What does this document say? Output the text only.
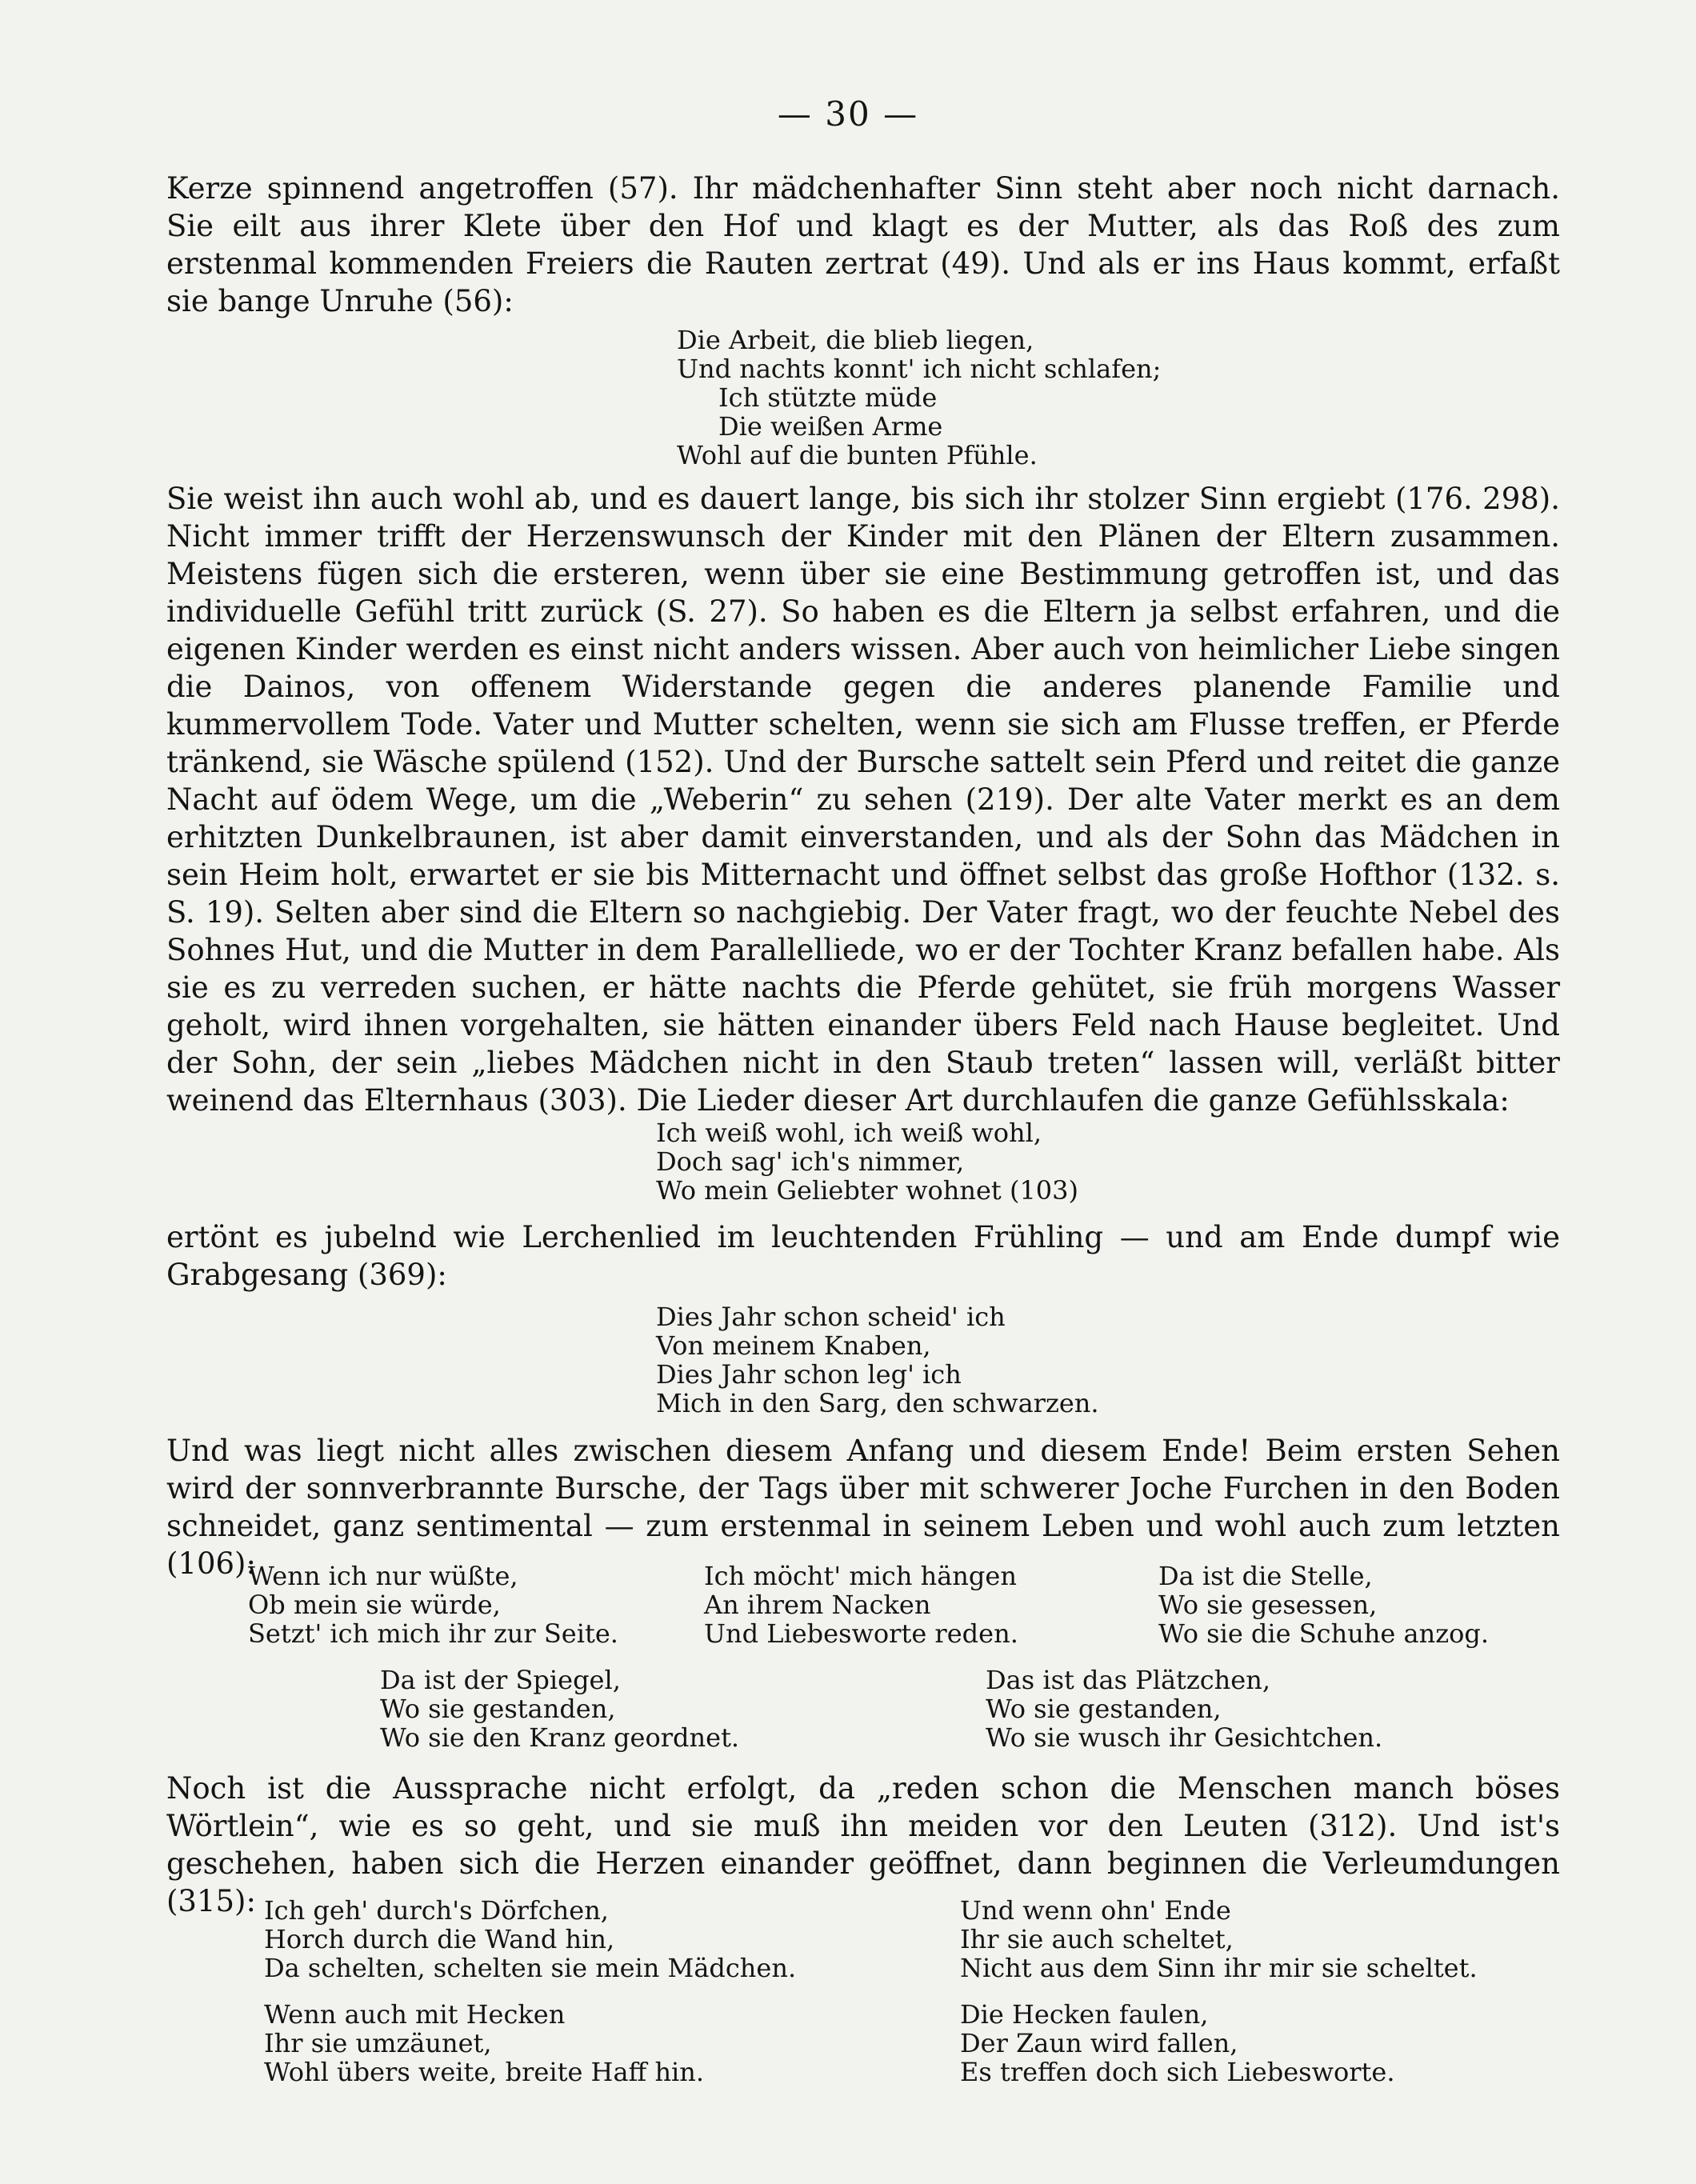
— 30 —

Kerze spinnend angetroffen (57). Ihr mädchenhafter Sinn steht aber noch nicht darnach. Sie eilt aus ihrer Klete über den Hof und klagt es der Mutter, als das Roß des zum erstenmal kommenden Freiers die Rauten zertrat (49). Und als er ins Haus kommt, erfaßt sie bange Unruhe (56):

Die Arbeit, die blieb liegen,
Und nachts konnt' ich nicht schlafen;
Ich stützte müde
Die weißen Arme
Wohl auf die bunten Pfühle.

Sie weist ihn auch wohl ab, und es dauert lange, bis sich ihr stolzer Sinn ergiebt (176. 298). Nicht immer trifft der Herzenswunsch der Kinder mit den Plänen der Eltern zusammen. Meistens fügen sich die ersteren, wenn über sie eine Bestimmung getroffen ist, und das individuelle Gefühl tritt zurück (S. 27). So haben es die Eltern ja selbst erfahren, und die eigenen Kinder werden es einst nicht anders wissen. Aber auch von heimlicher Liebe singen die Dainos, von offenem Widerstande gegen die anderes planende Familie und kummervollem Tode. Vater und Mutter schelten, wenn sie sich am Flusse treffen, er Pferde tränkend, sie Wäsche spülend (152). Und der Bursche sattelt sein Pferd und reitet die ganze Nacht auf ödem Wege, um die „Weberin“ zu sehen (219). Der alte Vater merkt es an dem erhitzten Dunkelbraunen, ist aber damit einverstanden, und als der Sohn das Mädchen in sein Heim holt, erwartet er sie bis Mitternacht und öffnet selbst das große Hofthor (132. s. S. 19). Selten aber sind die Eltern so nachgiebig. Der Vater fragt, wo der feuchte Nebel des Sohnes Hut, und die Mutter in dem Parallelliede, wo er der Tochter Kranz befallen habe. Als sie es zu verreden suchen, er hätte nachts die Pferde gehütet, sie früh morgens Wasser geholt, wird ihnen vorgehalten, sie hätten einander übers Feld nach Hause begleitet. Und der Sohn, der sein „liebes Mädchen nicht in den Staub treten“ lassen will, verläßt bitter weinend das Elternhaus (303). Die Lieder dieser Art durchlaufen die ganze Gefühlsskala:

Ich weiß wohl, ich weiß wohl,
Doch sag' ich's nimmer,
Wo mein Geliebter wohnet (103)

ertönt es jubelnd wie Lerchenlied im leuchtenden Frühling — und am Ende dumpf wie Grabgesang (369):

Dies Jahr schon scheid' ich
Von meinem Knaben,
Dies Jahr schon leg' ich
Mich in den Sarg, den schwarzen.

Und was liegt nicht alles zwischen diesem Anfang und diesem Ende! Beim ersten Sehen wird der sonnverbrannte Bursche, der Tags über mit schwerer Joche Furchen in den Boden schneidet, ganz sentimental — zum erstenmal in seinem Leben und wohl auch zum letzten (106):

Wenn ich nur wüßte,
Ob mein sie würde,
Setzt' ich mich ihr zur Seite.
Ich möcht' mich hängen
An ihrem Nacken
Und Liebesworte reden.
Da ist die Stelle,
Wo sie gesessen,
Wo sie die Schuhe anzog.
Da ist der Spiegel,
Wo sie gestanden,
Wo sie den Kranz geordnet.
Das ist das Plätzchen,
Wo sie gestanden,
Wo sie wusch ihr Gesichtchen.

Noch ist die Aussprache nicht erfolgt, da „reden schon die Menschen manch böses Wörtlein“, wie es so geht, und sie muß ihn meiden vor den Leuten (312). Und ist's geschehen, haben sich die Herzen einander geöffnet, dann beginnen die Verleumdungen (315): Ich geh' durch's Dörfchen,
Horch durch die Wand hin,
Da schelten, schelten sie mein Mädchen.
Und wenn ohn' Ende
Ihr sie auch scheltet,
Nicht aus dem Sinn ihr mir sie scheltet.
Wenn auch mit Hecken
Ihr sie umzäunet,
Wohl übers weite, breite Haff hin.
Die Hecken faulen,
Der Zaun wird fallen,
Es treffen doch sich Liebesworte.
